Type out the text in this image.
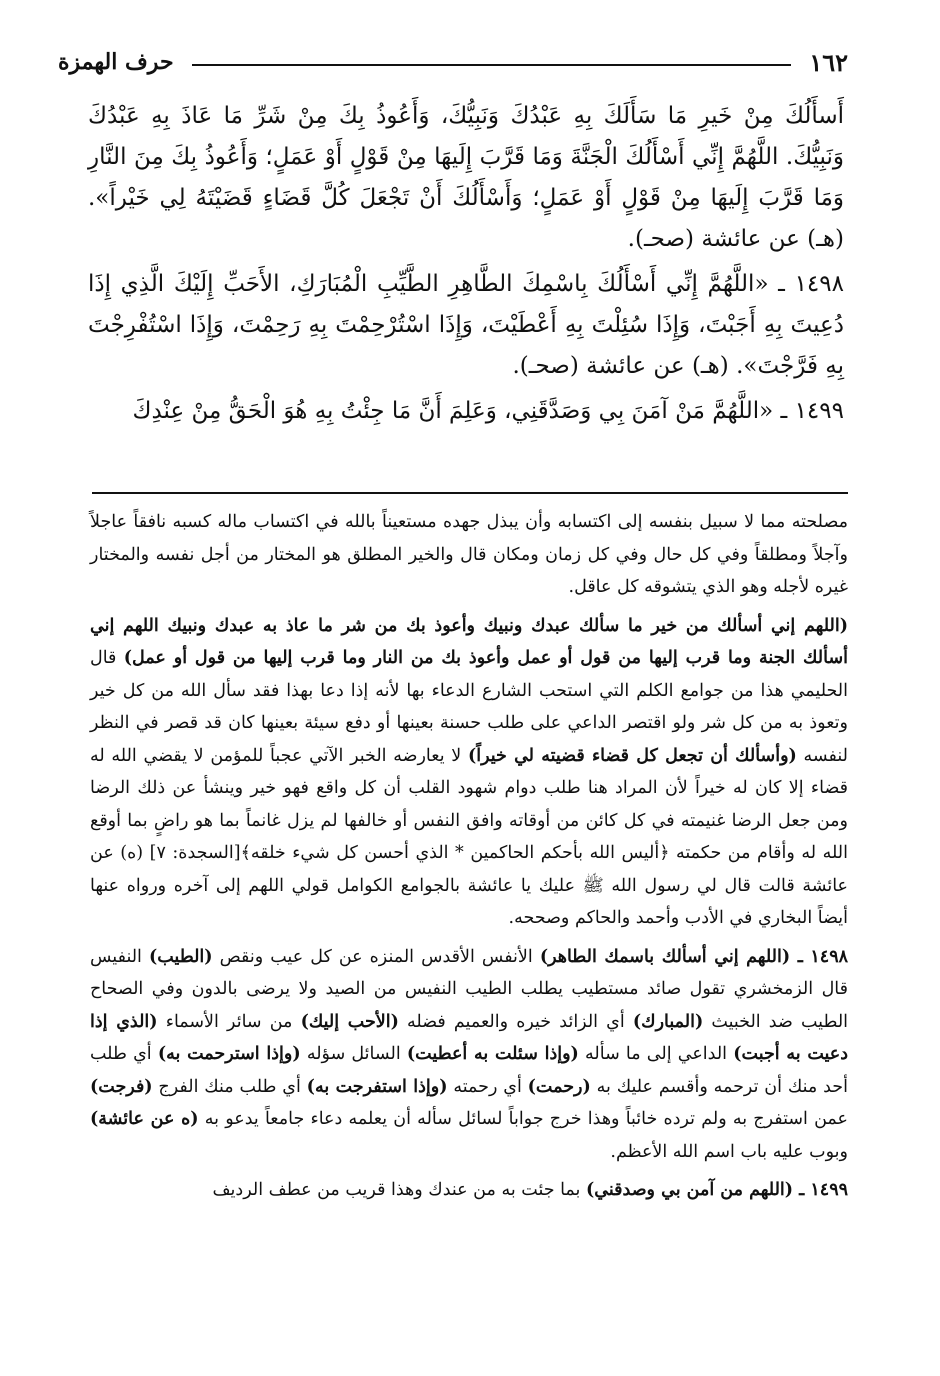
١٦٢
حرف الهمزة

أَسأَلُكَ مِنْ خَيرِ مَا سَأَلَكَ بِهِ عَبْدُكَ وَنَبِيُّكَ، وَأَعُوذُ بِكَ مِنْ شَرِّ مَا عَاذَ بِهِ عَبْدُكَ وَنَبِيُّكَ. اللَّهُمَّ إِنِّي أَسْأَلُكَ الْجَنَّةَ وَمَا قَرَّبَ إِلَيهَا مِنْ قَوْلٍ أَوْ عَمَلٍ؛ وَأَعُوذُ بِكَ مِنَ النَّارِ وَمَا قَرَّبَ إِلَيهَا مِنْ قَوْلٍ أَوْ عَمَلٍ؛ وَأَسْأَلُكَ أَنْ تَجْعَلَ كُلَّ قَضَاءٍ قَضَيْتَهُ لِي خَيْراً». (هـ) عن عائشة (صحـ).

١٤٩٨ ـ «اللَّهُمَّ إِنِّي أَسْأَلُكَ بِاسْمِكَ الطَّاهِرِ الطَّيِّبِ الْمُبَارَكِ، الأَحَبِّ إِلَيْكَ الَّذِي إِذَا دُعِيتَ بِهِ أَجَبْتَ، وَإِذَا سُئِلْتَ بِهِ أَعْطَيْتَ، وَإِذَا اسْتُرْحِمْتَ بِهِ رَحِمْتَ، وَإِذَا اسْتُفْرِجْتَ بِهِ فَرَّجْتَ». (هـ) عن عائشة (صحـ).

١٤٩٩ ـ «اللَّهُمَّ مَنْ آمَنَ بِي وَصَدَّقَنِي، وَعَلِمَ أَنَّ مَا جِئْتُ بِهِ هُوَ الْحَقُّ مِنْ عِنْدِكَ

مصلحته مما لا سبيل بنفسه إلى اكتسابه وأن يبذل جهده مستعيناً بالله في اكتساب ماله كسبه نافقاً عاجلاً وآجلاً ومطلقاً وفي كل حال وفي كل زمان ومكان قال والخير المطلق هو المختار من أجل نفسه والمختار غيره لأجله وهو الذي يتشوقه كل عاقل.

(اللهم إني أسألك من خير ما سألك عبدك ونبيك وأعوذ بك من شر ما عاذ به عبدك ونبيك اللهم إني أسألك الجنة وما قرب إليها من قول أو عمل وأعوذ بك من النار وما قرب إليها من قول أو عمل) قال الحليمي هذا من جوامع الكلم التي استحب الشارع الدعاء بها لأنه إذا دعا بهذا فقد سأل الله من كل خير وتعوذ به من كل شر ولو اقتصر الداعي على طلب حسنة بعينها أو دفع سيئة بعينها كان قد قصر في النظر لنفسه (وأسألك أن تجعل كل قضاء قضيته لي خيراً) لا يعارضه الخبر الآتي عجباً للمؤمن لا يقضي الله له قضاء إلا كان له خيراً لأن المراد هنا طلب دوام شهود القلب أن كل واقع فهو خير وينشأ عن ذلك الرضا ومن جعل الرضا غنيمته في كل كائن من أوقاته وافق النفس أو خالفها لم يزل غانماً بما هو راضٍ بما أوقع الله له وأقام من حكمته ﴿أليس الله بأحكم الحاكمين * الذي أحسن كل شيء خلقه﴾[السجدة: ٧] (ه) عن عائشة قالت قال لي رسول الله ﷺ عليك يا عائشة بالجوامع الكوامل قولي اللهم إلى آخره ورواه عنها أيضاً البخاري في الأدب وأحمد والحاكم وصححه.

١٤٩٨ ـ (اللهم إني أسألك باسمك الطاهر) الأنفس الأقدس المنزه عن كل عيب ونقص (الطيب) النفيس قال الزمخشري تقول صائد مستطيب يطلب الطيب النفيس من الصيد ولا يرضى بالدون وفي الصحاح الطيب ضد الخبيث (المبارك) أي الزائد خيره والعميم فضله (الأحب إليك) من سائر الأسماء (الذي إذا دعيت به أجبت) الداعي إلى ما سأله (وإذا سئلت به أعطيت) السائل سؤله (وإذا استرحمت به) أي طلب أحد منك أن ترحمه وأقسم عليك به (رحمت) أي رحمته (وإذا استفرجت به) أي طلب منك الفرج (فرجت) عمن استفرج به ولم ترده خائباً وهذا خرج جواباً لسائل سأله أن يعلمه دعاء جامعاً يدعو به (ه عن عائشة) وبوب عليه باب اسم الله الأعظم.

١٤٩٩ ـ (اللهم من آمن بي وصدقني) بما جئت به من عندك وهذا قريب من عطف الرديف
